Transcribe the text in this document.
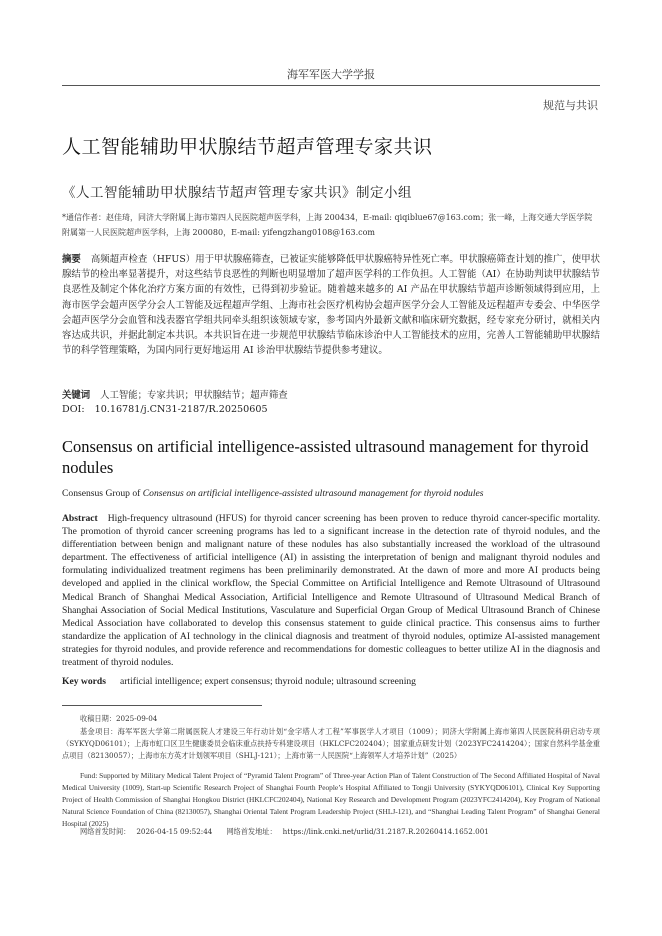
海军军医大学学报
规范与共识
人工智能辅助甲状腺结节超声管理专家共识
《人工智能辅助甲状腺结节超声管理专家共识》制定小组
*通信作者：赵佳琦，同济大学附属上海市第四人民医院超声医学科，上海 200434，E-mail: qiqiblue67@163.com；张一峰，上海交通大学医学院附属第一人民医院超声医学科，上海 200080，E-mail: yifengzhang0108@163.com
摘要 高频超声检查（HFUS）用于甲状腺癌筛查，已被证实能够降低甲状腺癌特异性死亡率。甲状腺癌筛查计划的推广，使甲状腺结节的检出率显著提升，对这些结节良恶性的判断也明显增加了超声医学科的工作负担。人工智能（AI）在协助判读甲状腺结节良恶性及制定个体化治疗方案方面的有效性，已得到初步验证。随着越来越多的 AI 产品在甲状腺结节超声诊断领域得到应用，上海市医学会超声医学分会人工智能及远程超声学组、上海市社会医疗机构协会超声医学分会人工智能及远程超声专委会、中华医学会超声医学分会血管和浅表器官学组共同牵头组织该领域专家，参考国内外最新文献和临床研究数据，经专家充分研讨，就相关内容达成共识，并据此制定本共识。本共识旨在进一步规范甲状腺结节临床诊治中人工智能技术的应用，完善人工智能辅助甲状腺结节的科学管理策略，为国内同行更好地运用 AI 诊治甲状腺结节提供参考建议。
关键词 人工智能；专家共识；甲状腺结节；超声筛查
DOI: 10.16781/j.CN31-2187/R.20250605
Consensus on artificial intelligence-assisted ultrasound management for thyroid nodules
Consensus Group of Consensus on artificial intelligence-assisted ultrasound management for thyroid nodules
Abstract High-frequency ultrasound (HFUS) for thyroid cancer screening has been proven to reduce thyroid cancer-specific mortality. The promotion of thyroid cancer screening programs has led to a significant increase in the detection rate of thyroid nodules, and the differentiation between benign and malignant nature of these nodules has also substantially increased the workload of the ultrasound department. The effectiveness of artificial intelligence (AI) in assisting the interpretation of benign and malignant thyroid nodules and formulating individualized treatment regimens has been preliminarily demonstrated. At the dawn of more and more AI products being developed and applied in the clinical workflow, the Special Committee on Artificial Intelligence and Remote Ultrasound of Ultrasound Medical Branch of Shanghai Medical Association, Artificial Intelligence and Remote Ultrasound of Ultrasound Medical Branch of Shanghai Association of Social Medical Institutions, Vasculature and Superficial Organ Group of Medical Ultrasound Branch of Chinese Medical Association have collaborated to develop this consensus statement to guide clinical practice. This consensus aims to further standardize the application of AI technology in the clinical diagnosis and treatment of thyroid nodules, optimize AI-assisted management strategies for thyroid nodules, and provide reference and recommendations for domestic colleagues to better utilize AI in the diagnosis and treatment of thyroid nodules.
Key words artificial intelligence; expert consensus; thyroid nodule; ultrasound screening
收稿日期：2025-09-04
基金项目：海军军医大学第二附属医院人才建设三年行动计划“金字塔人才工程”军事医学人才项目（1009）；同济大学附属上海市第四人民医院科研启动专项（SYKYQD06101）；上海市虹口区卫生健康委员会临床重点扶持专科建设项目（HKLCFC202404）；国家重点研发计划（2023YFC2414204）；国家自然科学基金重点项目（82130057）；上海市东方英才计划领军项目（SHLJ-121）；上海市第一人民医院“上海领军人才培养计划”（2025）
Fund: Supported by Military Medical Talent Project of “Pyramid Talent Program” of Three-year Action Plan of Talent Construction of The Second Affiliated Hospital of Naval Medical University (1009), Start-up Scientific Research Project of Shanghai Fourth People’s Hospital Affiliated to Tongji University (SYKYQD06101), Clinical Key Supporting Project of Health Commission of Shanghai Hongkou District (HKLCFC202404), National Key Research and Development Program (2023YFC2414204), Key Program of National Natural Science Foundation of China (82130057), Shanghai Oriental Talent Program Leadership Project (SHLJ-121), and “Shanghai Leading Talent Program” of Shanghai General Hospital (2025)
网络首发时间： 2026-04-15 09:52:44 网络首发地址： https://link.cnki.net/urlid/31.2187.R.20260414.1652.001
